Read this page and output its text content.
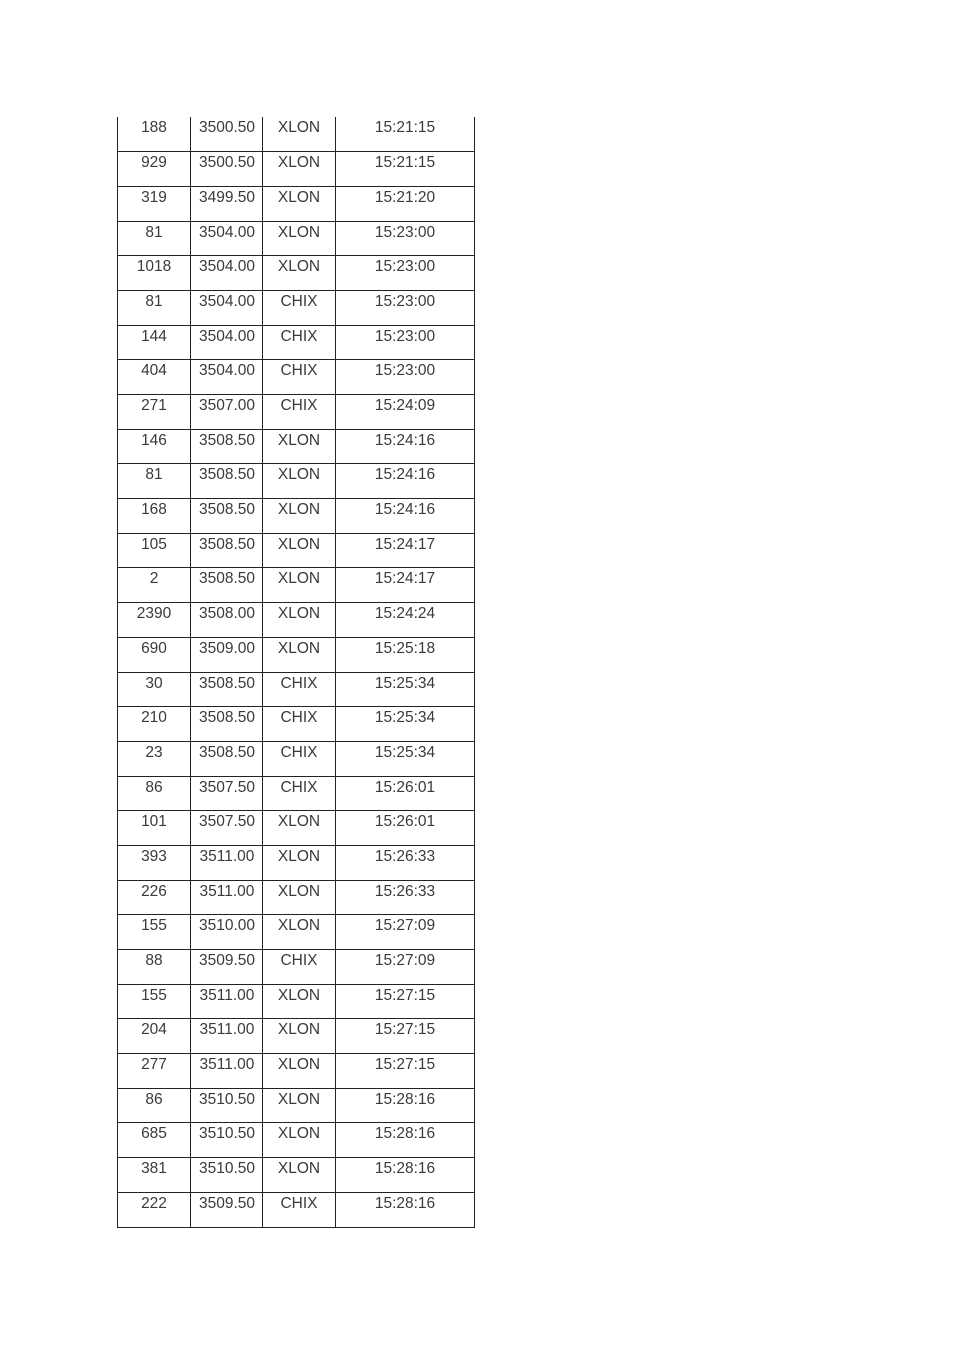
188	3500.50	XLON	15:21:15
929	3500.50	XLON	15:21:15
319	3499.50	XLON	15:21:20
81	3504.00	XLON	15:23:00
1018	3504.00	XLON	15:23:00
81	3504.00	CHIX	15:23:00
144	3504.00	CHIX	15:23:00
404	3504.00	CHIX	15:23:00
271	3507.00	CHIX	15:24:09
146	3508.50	XLON	15:24:16
81	3508.50	XLON	15:24:16
168	3508.50	XLON	15:24:16
105	3508.50	XLON	15:24:17
2	3508.50	XLON	15:24:17
2390	3508.00	XLON	15:24:24
690	3509.00	XLON	15:25:18
30	3508.50	CHIX	15:25:34
210	3508.50	CHIX	15:25:34
23	3508.50	CHIX	15:25:34
86	3507.50	CHIX	15:26:01
101	3507.50	XLON	15:26:01
393	3511.00	XLON	15:26:33
226	3511.00	XLON	15:26:33
155	3510.00	XLON	15:27:09
88	3509.50	CHIX	15:27:09
155	3511.00	XLON	15:27:15
204	3511.00	XLON	15:27:15
277	3511.00	XLON	15:27:15
86	3510.50	XLON	15:28:16
685	3510.50	XLON	15:28:16
381	3510.50	XLON	15:28:16
222	3509.50	CHIX	15:28:16
